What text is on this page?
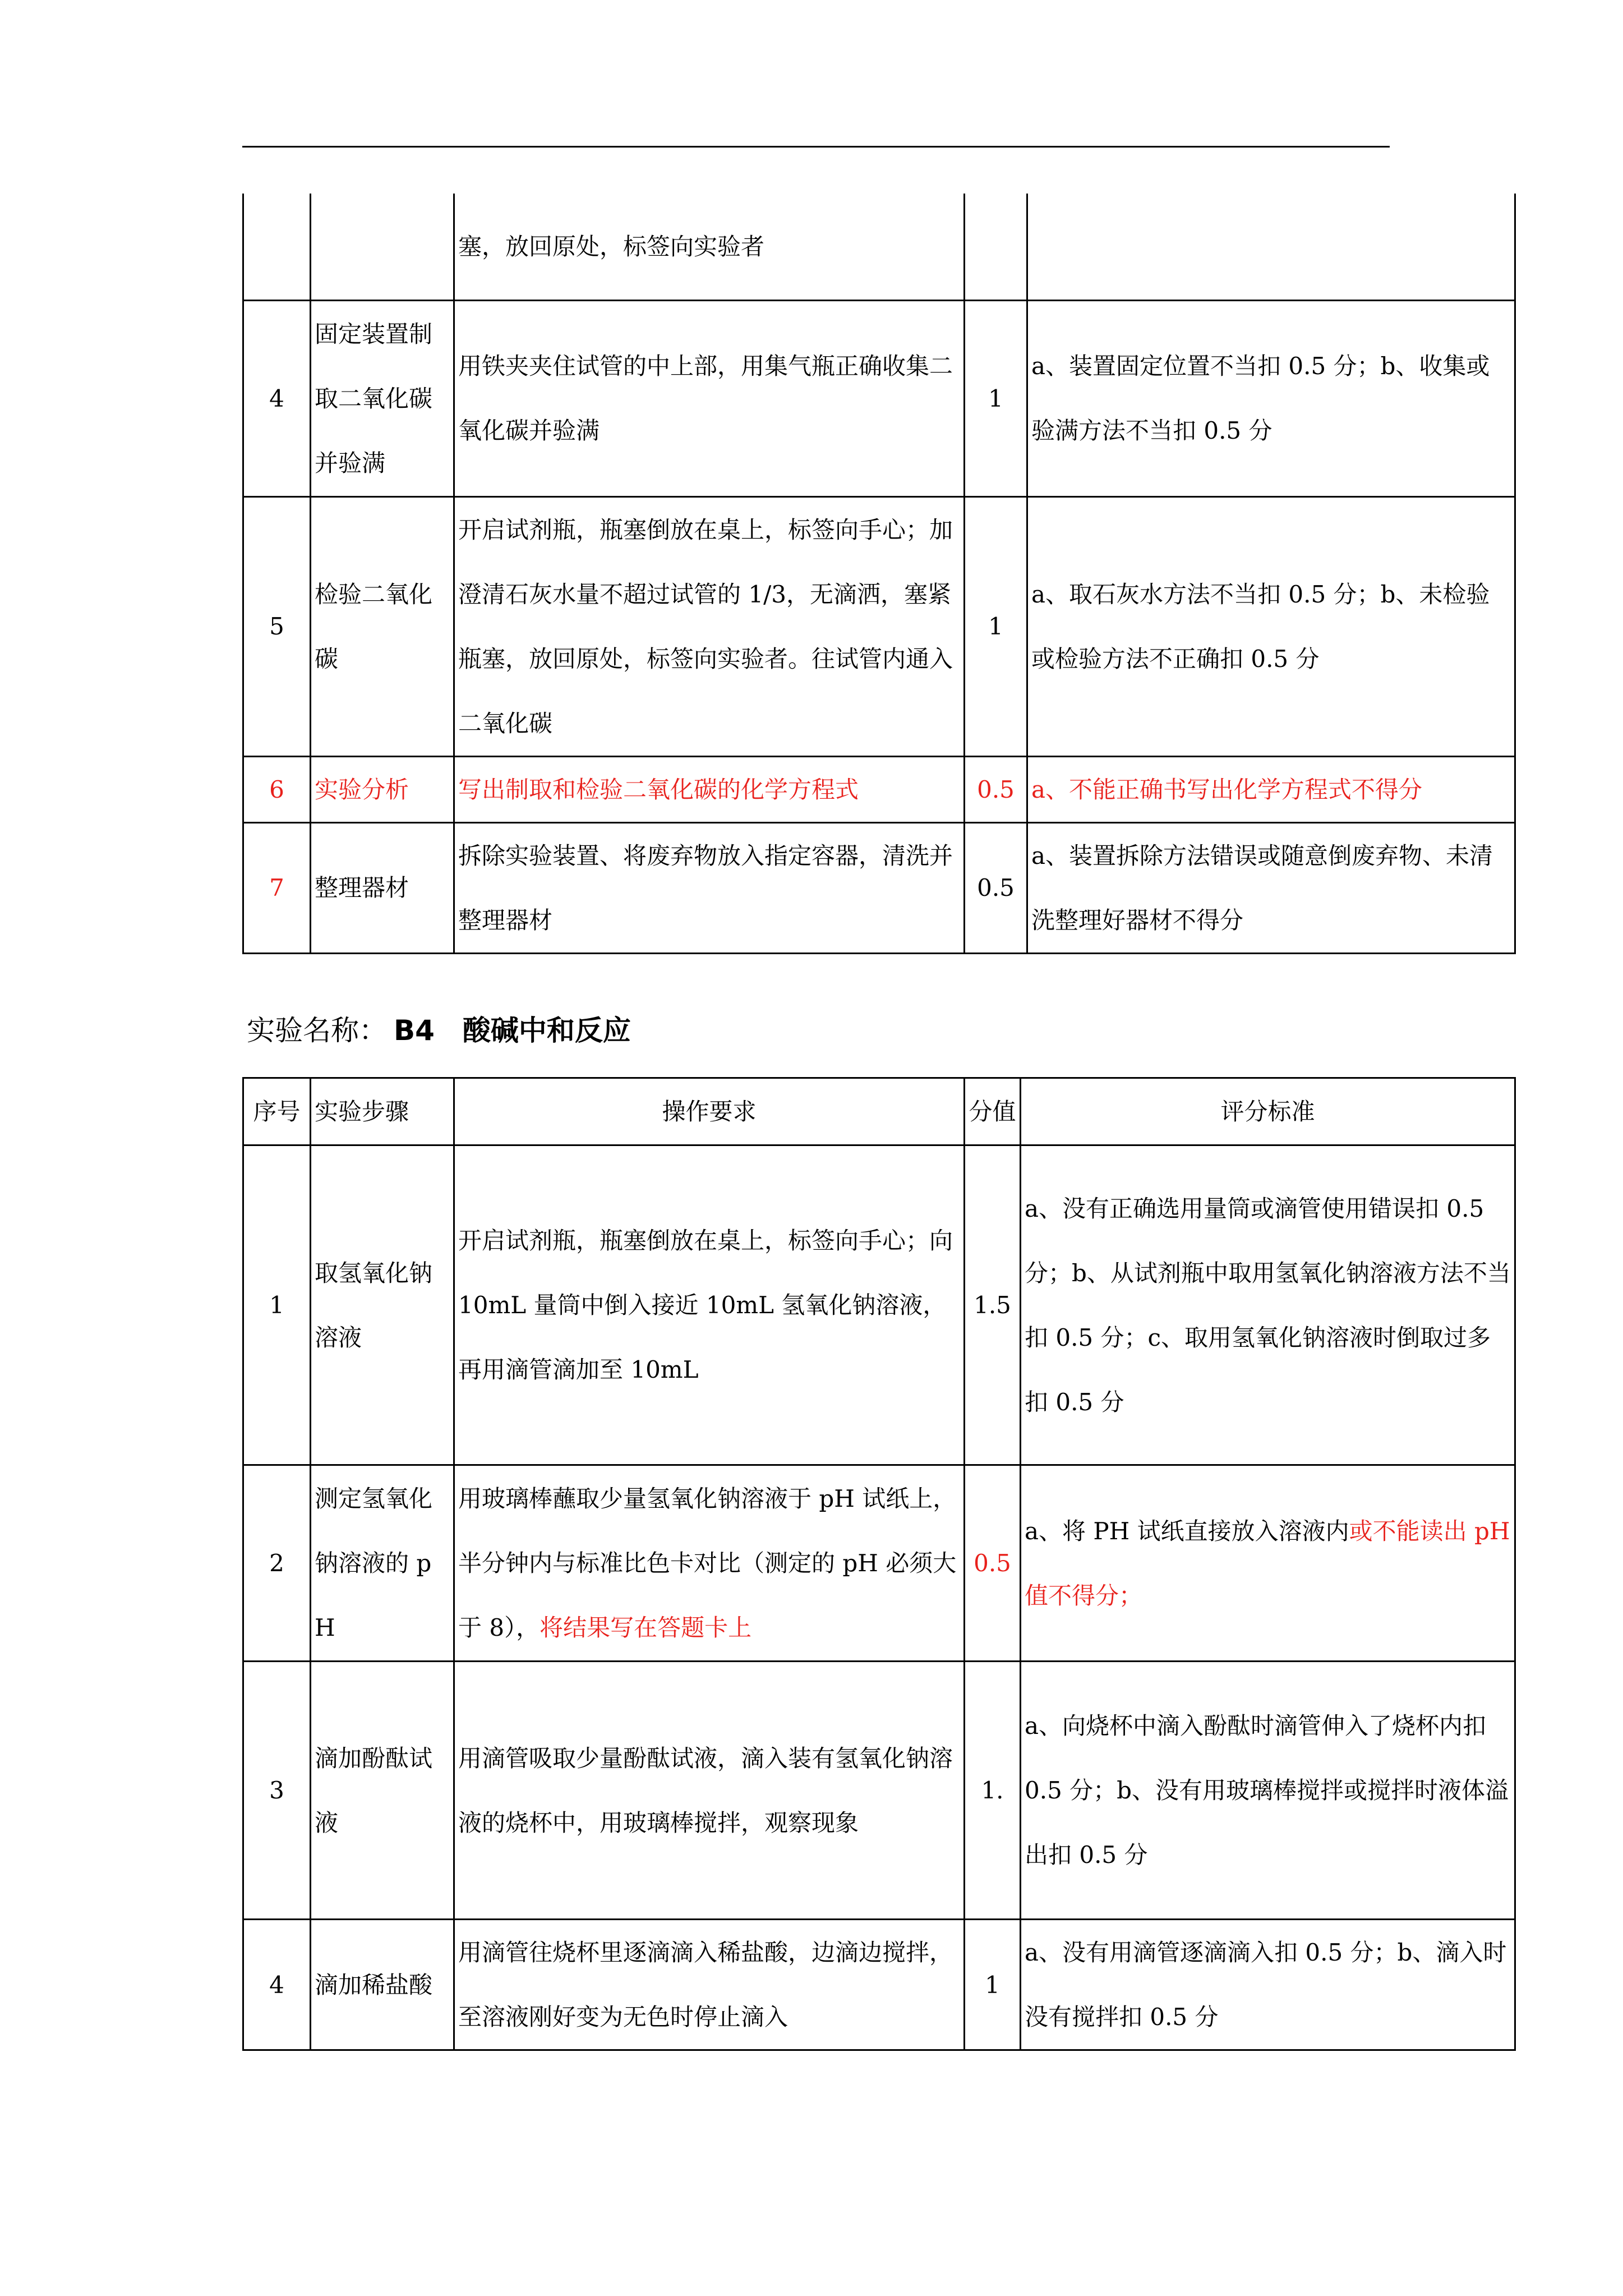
		塞，放回原处，标签向实验者		
4	固定装置制取二氧化碳并验满	用铁夹夹住试管的中上部，用集气瓶正确收集二氧化碳并验满	1	a、装置固定位置不当扣 0.5 分；b、收集或验满方法不当扣 0.5 分
5	检验二氧化碳	开启试剂瓶，瓶塞倒放在桌上，标签向手心；加澄清石灰水量不超过试管的 1/3，无滴洒，塞紧瓶塞，放回原处，标签向实验者。往试管内通入二氧化碳	1	a、取石灰水方法不当扣 0.5 分；b、未检验或检验方法不正确扣 0.5 分
6	实验分析	写出制取和检验二氧化碳的化学方程式	0.5	a、不能正确书写出化学方程式不得分
7	整理器材	拆除实验装置、将废弃物放入指定容器，清洗并整理器材	0.5	a、装置拆除方法错误或随意倒废弃物、未清洗整理好器材不得分
实验名称： B4　酸碱中和反应
序号	实验步骤	操作要求	分值	评分标准
1	取氢氧化钠溶液	开启试剂瓶，瓶塞倒放在桌上，标签向手心；向 10mL 量筒中倒入接近 10mL 氢氧化钠溶液，再用滴管滴加至 10mL	1.5	a、没有正确选用量筒或滴管使用错误扣 0.5 分；b、从试剂瓶中取用氢氧化钠溶液方法不当扣 0.5 分；c、取用氢氧化钠溶液时倒取过多扣 0.5 分
2	测定氢氧化钠溶液的 pH	用玻璃棒蘸取少量氢氧化钠溶液于 pH 试纸上，半分钟内与标准比色卡对比（测定的 pH 必须大于 8），将结果写在答题卡上	0.5	a、将 PH 试纸直接放入溶液内或不能读出 pH 值不得分；
3	滴加酚酞试液	用滴管吸取少量酚酞试液，滴入装有氢氧化钠溶液的烧杯中，用玻璃棒搅拌，观察现象	1.	a、向烧杯中滴入酚酞时滴管伸入了烧杯内扣 0.5 分；b、没有用玻璃棒搅拌或搅拌时液体溢出扣 0.5 分
4	滴加稀盐酸	用滴管往烧杯里逐滴滴入稀盐酸，边滴边搅拌，至溶液刚好变为无色时停止滴入	1	a、没有用滴管逐滴滴入扣 0.5 分；b、滴入时没有搅拌扣 0.5 分
